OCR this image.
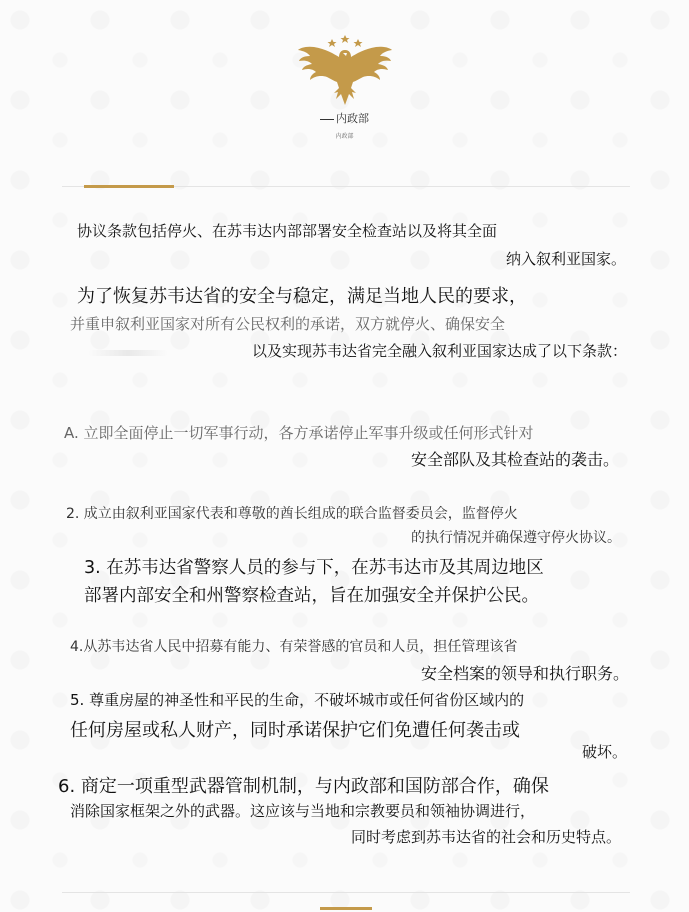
内政部
内政部

协议条款包括停火、在苏韦达内部部署安全检查站以及将其全面

纳入叙利亚国家。

为了恢复苏韦达省的安全与稳定，满足当地人民的要求，

并重申叙利亚国家对所有公民权利的承诺，双方就停火、确保安全

以及实现苏韦达省完全融入叙利亚国家达成了以下条款：

A. 立即全面停止一切军事行动，各方承诺停止军事升级或任何形式针对

安全部队及其检查站的袭击。

2. 成立由叙利亚国家代表和尊敬的酋长组成的联合监督委员会，监督停火

的执行情况并确保遵守停火协议。

3. 在苏韦达省警察人员的参与下，在苏韦达市及其周边地区

部署内部安全和州警察检查站，旨在加强安全并保护公民。

4.从苏韦达省人民中招募有能力、有荣誉感的官员和人员，担任管理该省

安全档案的领导和执行职务。

5. 尊重房屋的神圣性和平民的生命，不破坏城市或任何省份区域内的

任何房屋或私人财产，同时承诺保护它们免遭任何袭击或

破坏。

6. 商定一项重型武器管制机制，与内政部和国防部合作，确保

消除国家框架之外的武器。这应该与当地和宗教要员和领袖协调进行，

同时考虑到苏韦达省的社会和历史特点。
